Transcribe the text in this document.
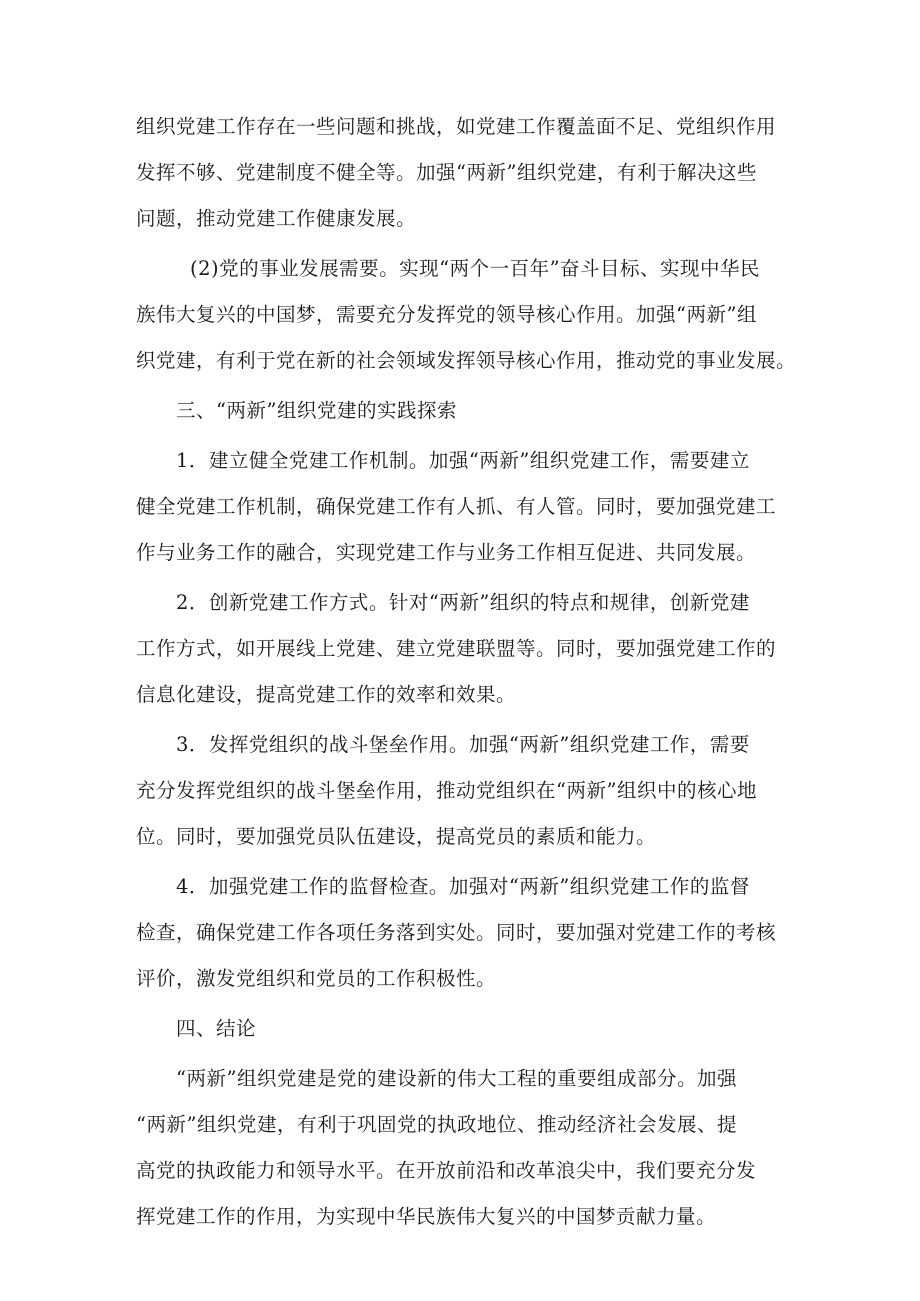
组织党建工作存在一些问题和挑战，如党建工作覆盖面不足、党组织作用
发挥不够、党建制度不健全等。加强“两新”组织党建，有利于解决这些
问题，推动党建工作健康发展。
(2)党的事业发展需要。实现“两个一百年”奋斗目标、实现中华民
族伟大复兴的中国梦，需要充分发挥党的领导核心作用。加强“两新”组
织党建，有利于党在新的社会领域发挥领导核心作用，推动党的事业发展。
三、“两新”组织党建的实践探索
1．建立健全党建工作机制。加强“两新”组织党建工作，需要建立
健全党建工作机制，确保党建工作有人抓、有人管。同时，要加强党建工
作与业务工作的融合，实现党建工作与业务工作相互促进、共同发展。
2．创新党建工作方式。针对“两新”组织的特点和规律，创新党建
工作方式，如开展线上党建、建立党建联盟等。同时，要加强党建工作的
信息化建设，提高党建工作的效率和效果。
3．发挥党组织的战斗堡垒作用。加强“两新”组织党建工作，需要
充分发挥党组织的战斗堡垒作用，推动党组织在“两新”组织中的核心地
位。同时，要加强党员队伍建设，提高党员的素质和能力。
4．加强党建工作的监督检查。加强对“两新”组织党建工作的监督
检查，确保党建工作各项任务落到实处。同时，要加强对党建工作的考核
评价，激发党组织和党员的工作积极性。
四、结论
“两新”组织党建是党的建设新的伟大工程的重要组成部分。加强
“两新”组织党建，有利于巩固党的执政地位、推动经济社会发展、提
高党的执政能力和领导水平。在开放前沿和改革浪尖中，我们要充分发
挥党建工作的作用，为实现中华民族伟大复兴的中国梦贡献力量。
